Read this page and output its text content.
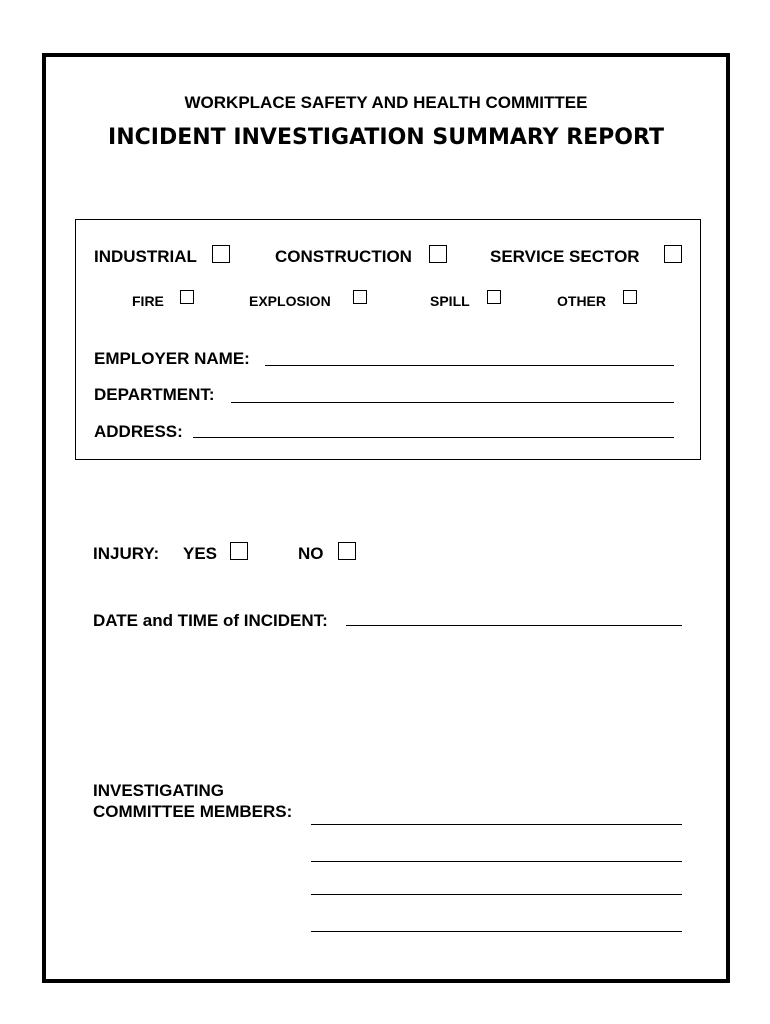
WORKPLACE SAFETY AND HEALTH COMMITTEE
INCIDENT INVESTIGATION SUMMARY REPORT
INDUSTRIAL	CONSTRUCTION	SERVICE SECTOR
FIRE	EXPLOSION	SPILL	OTHER
EMPLOYER NAME:
DEPARTMENT:
ADDRESS:
INJURY: YES	NO
DATE and TIME of INCIDENT:
INVESTIGATING
COMMITTEE MEMBERS:
